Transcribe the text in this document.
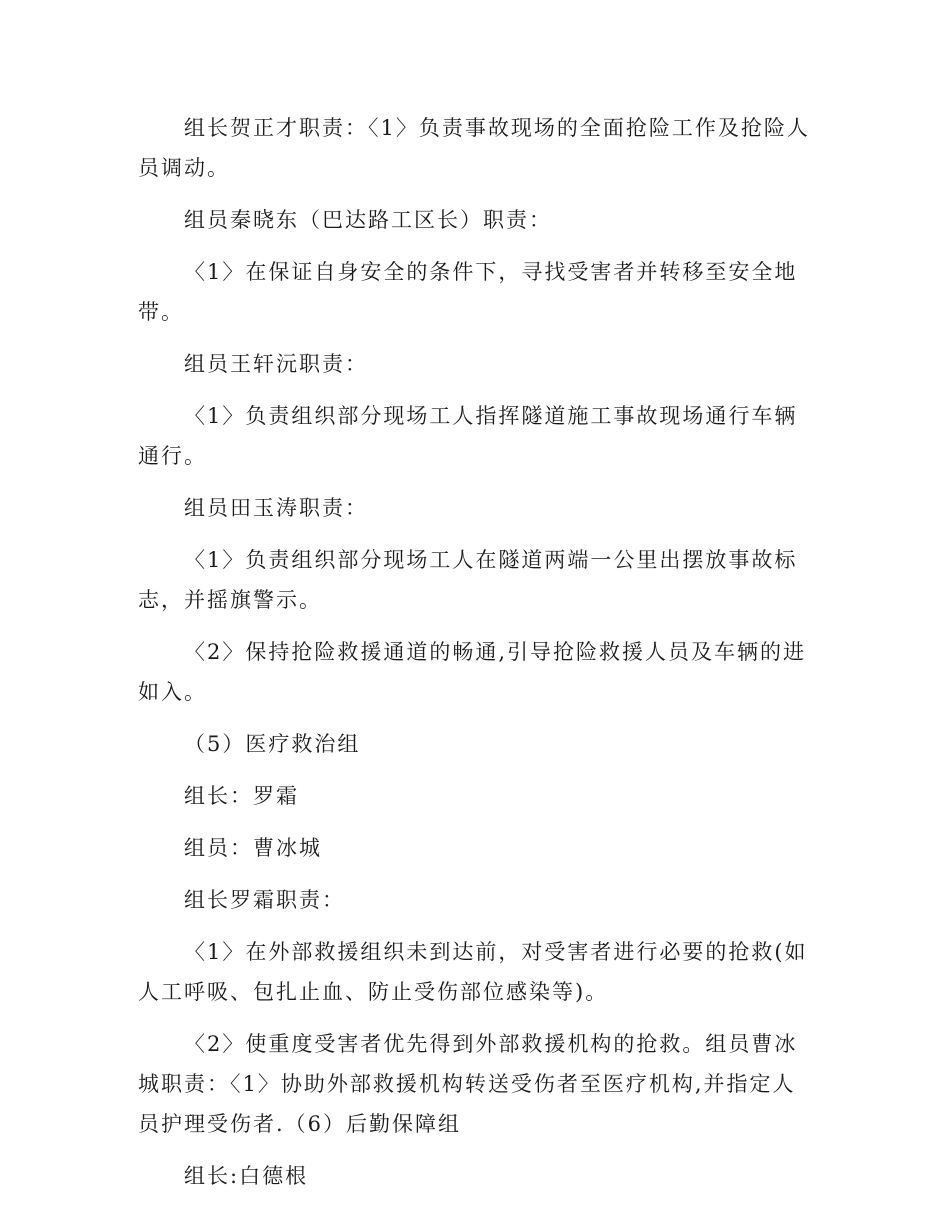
组长贺正才职责：〈1〉负责事故现场的全面抢险工作及抢险人员调动。

组员秦晓东（巴达路工区长）职责：

〈1〉在保证自身安全的条件下，寻找受害者并转移至安全地带。

组员王轩沅职责：

〈1〉负责组织部分现场工人指挥隧道施工事故现场通行车辆通行。

组员田玉涛职责：

〈1〉负责组织部分现场工人在隧道两端一公里出摆放事故标志，并摇旗警示。

〈2〉保持抢险救援通道的畅通,引导抢险救援人员及车辆的进如入。

（5）医疗救治组

组长：罗霜

组员：曹冰城

组长罗霜职责：

〈1〉在外部救援组织未到达前，对受害者进行必要的抢救(如人工呼吸、包扎止血、防止受伤部位感染等)。

〈2〉使重度受害者优先得到外部救援机构的抢救。组员曹冰城职责：〈1〉协助外部救援机构转送受伤者至医疗机构,并指定人员护理受伤者.（6）后勤保障组

组长:白德根
